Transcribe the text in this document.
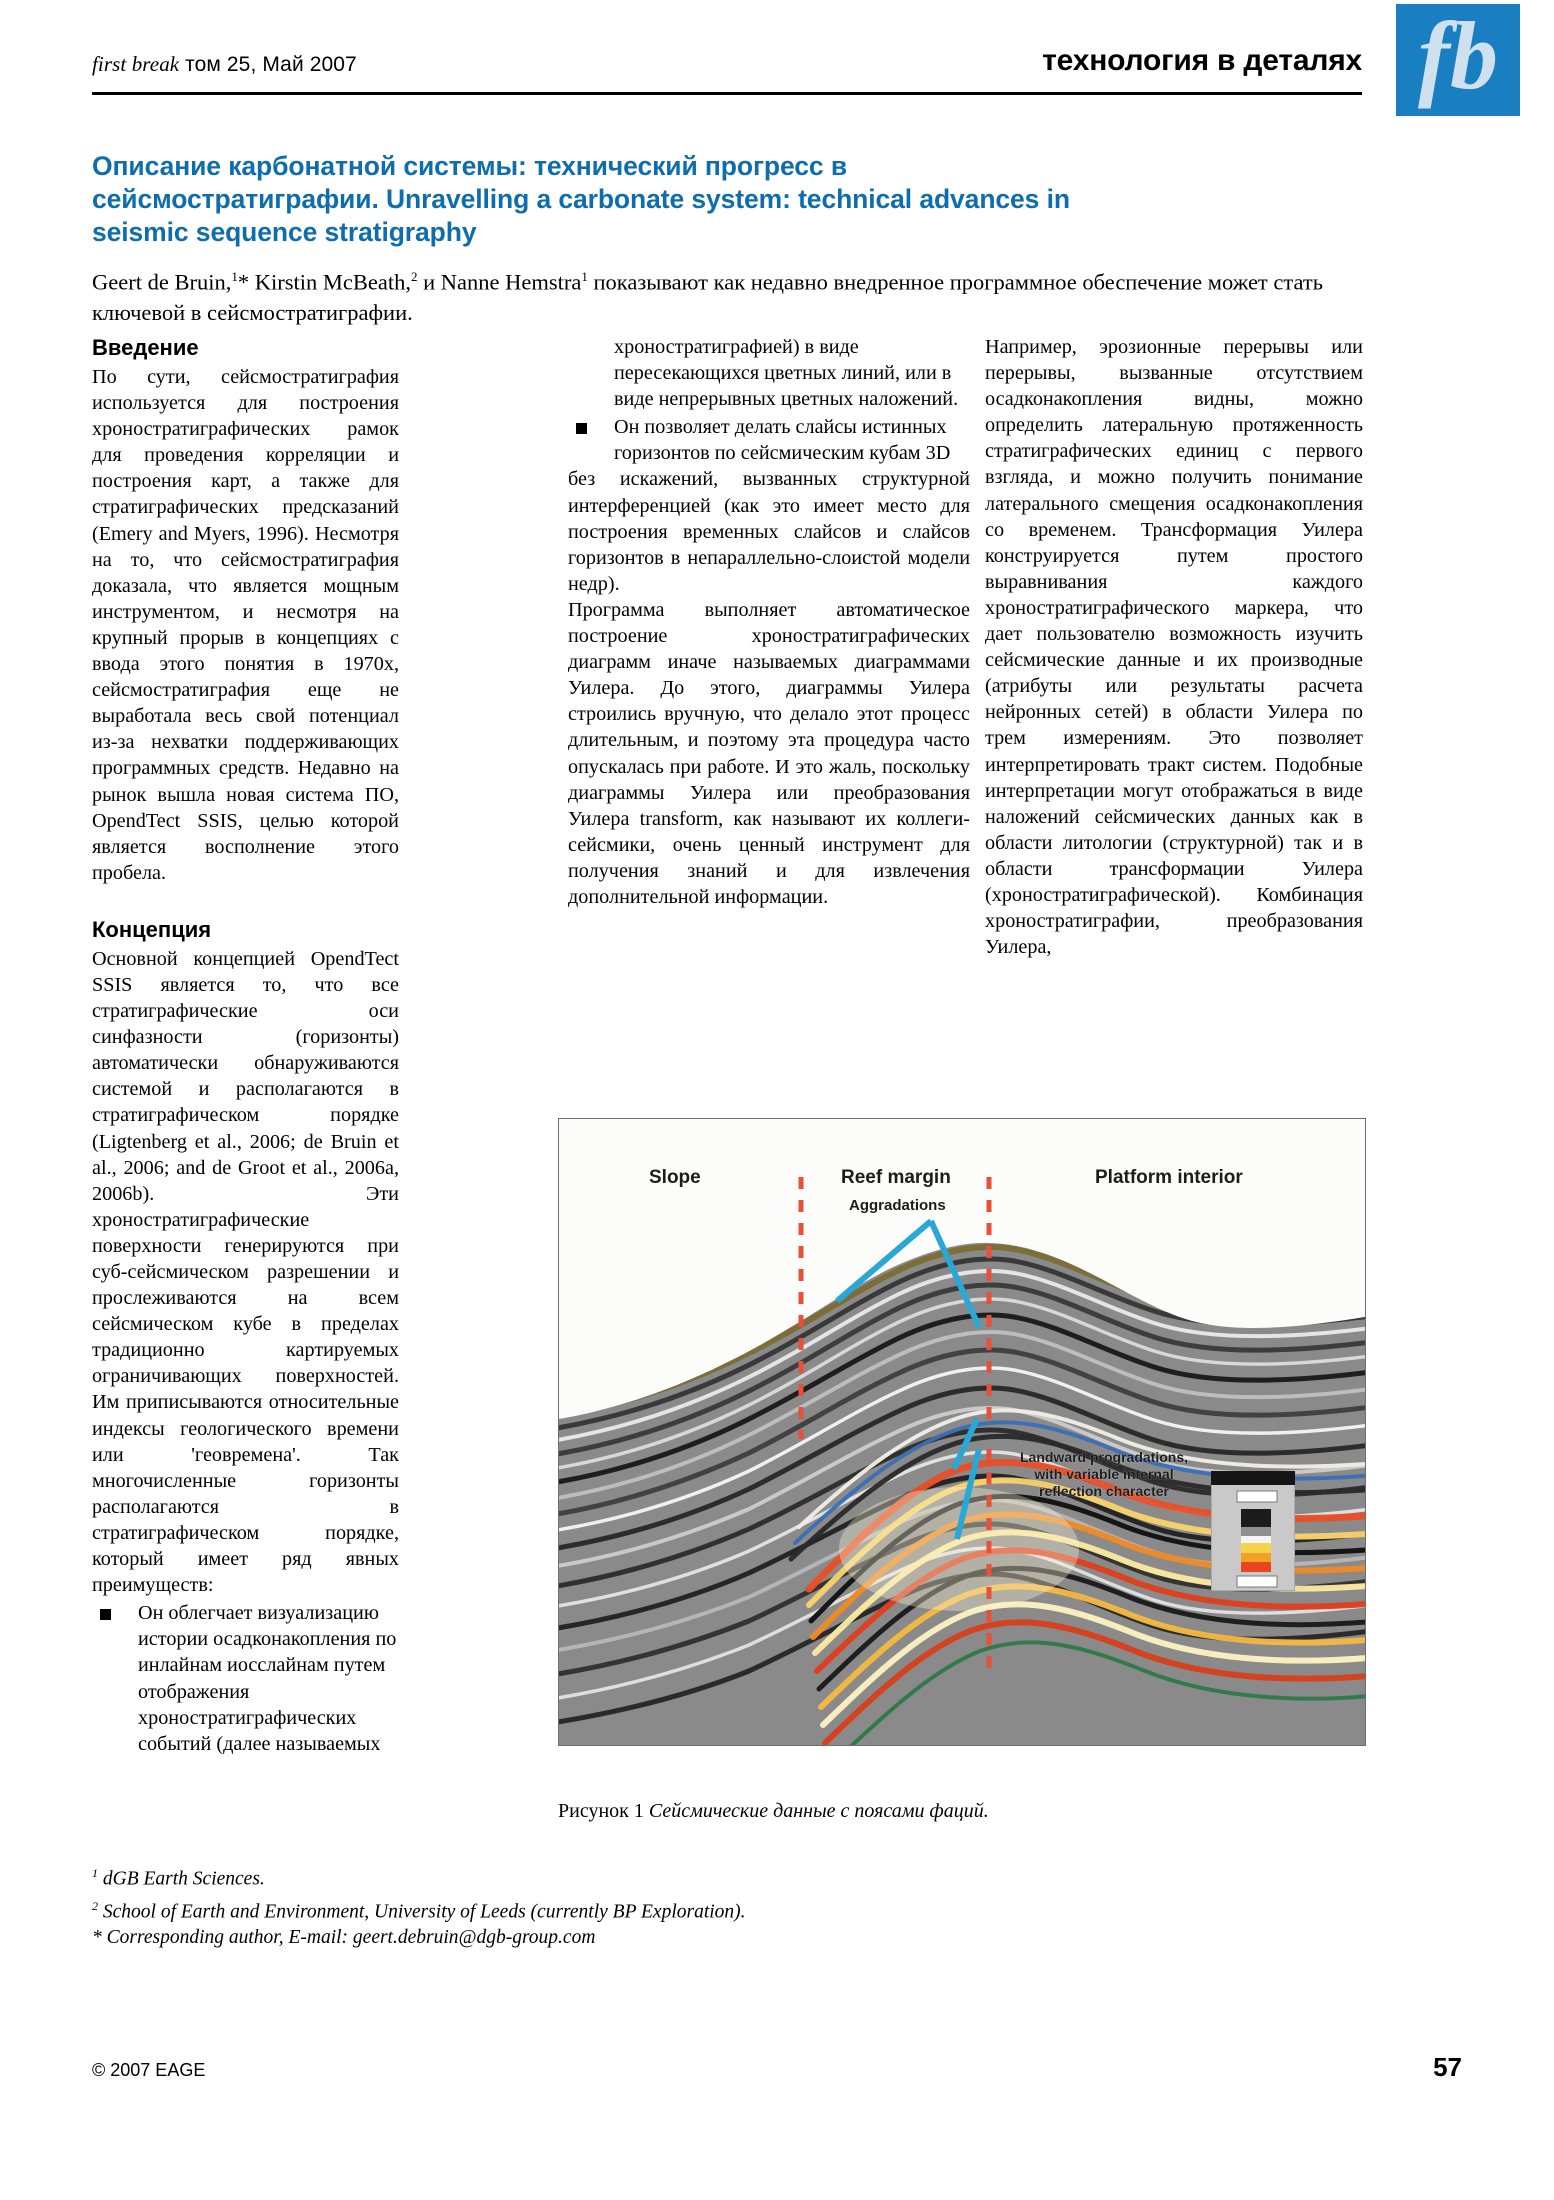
first break том 25, Май 2007	технология в деталях fb
Описание карбонатной системы: технический прогресс в
сейсмостратиграфии. Unravelling a carbonate system: technical advances in
seismic sequence stratigraphy
Geert de Bruin,$^1$* Kirstin McBeath,$^2$ и Nanne Hemstra$^1$ показывают как недавно внедренное программное обеспечение может стать  ключевой в сейсмостратиграфии.
Введение

По сути, сейсмостратиграфия используется для построения хроностратиграфических рамок для проведения корреляции и построения карт, а также для стратиграфических предсказаний (Emery and Myers, 1996). Несмотря на то, что сейсмостратиграфия доказала, что является мощным инструментом, и несмотря на крупный прорыв в концепциях с ввода этого понятия в 1970х, сейсмостратиграфия еще не выработала весь свой потенциал из-за нехватки поддерживающих программных средств. Недавно на рынок вышла новая система ПО, OpendTect SSIS, целью которой является восполнение этого пробела.

Концепция

Основной концепцией OpendTect SSIS является то, что все стратиграфические оси синфазности (горизонты) автоматически обнаруживаются системой и располагаются в стратиграфическом порядке (Ligtenberg et al., 2006; de Bruin et al., 2006; and de Groot et al., 2006a, 2006b). Эти хроностратиграфические поверхности генерируются при суб-сейсмическом разрешении и прослеживаются на всем сейсмическом кубе в пределах традиционно картируемых ограничивающих поверхностей. Им приписываются относительные индексы геологического времени или 'геовремена'. Так многочисленные горизонты располагаются в стратиграфическом порядке, который имеет ряд явных преимуществ:

Он облегчает визуализацию истории осадконакопления по инлайнам иосслайнам путем отображения хроностратиграфических событий (далее называемых
хроностратиграфией) в виде пересекающихся цветных линий, или в виде непрерывных цветных наложений.
Он позволяет делать слайсы истинных горизонтов по сейсмическим кубам 3D

без искажений, вызванных структурной интерференцией (как это имеет место для построения временных слайсов и слайсов горизонтов в непараллельно-слоистой модели недр).

Программа выполняет автоматическое построение хроностратиграфических диаграмм иначе называемых диаграммами Уилера. До этого, диаграммы Уилера строились вручную, что делало этот процесс длительным, и поэтому эта процедура часто опускалась при работе. И это жаль, поскольку диаграммы Уилера или преобразования Уилера transform, как называют их коллеги-сейсмики, очень ценный инструмент для получения знаний и для извлечения дополнительной информации.

Например, эрозионные перерывы или перерывы, вызванные отсутствием осадконакопления видны, можно определить латеральную протяженность стратиграфических единиц с первого взгляда, и можно получить понимание латерального смещения осадконакопления со временем. Трансформация Уилера конструируется путем простого выравнивания каждого хроностратиграфического маркера, что дает пользователю возможность изучить сейсмические данные и их производные (атрибуты или результаты расчета нейронных сетей) в области Уилера по трем измерениям. Это позволяет интерпретировать тракт систем. Подобные интерпретации могут отображаться в виде наложений сейсмических данных как в области литологии (структурной) так и в области трансформации Уилера (хроностратиграфической). Комбинация хроностратиграфии, преобразования Уилера,

Slope	Reef margin
Aggradations
Platform interior
Landward progradations, with variable internal reflection character
Рисунок 1 Сейсмические данные с поясами фаций.
$^1$ dGB Earth Sciences.
$^2$ School of Earth and Environment, University of Leeds (currently BP Exploration).
* Corresponding author, E-mail: geert.debruin@dgb-group.com
© 2007 EAGE	57
